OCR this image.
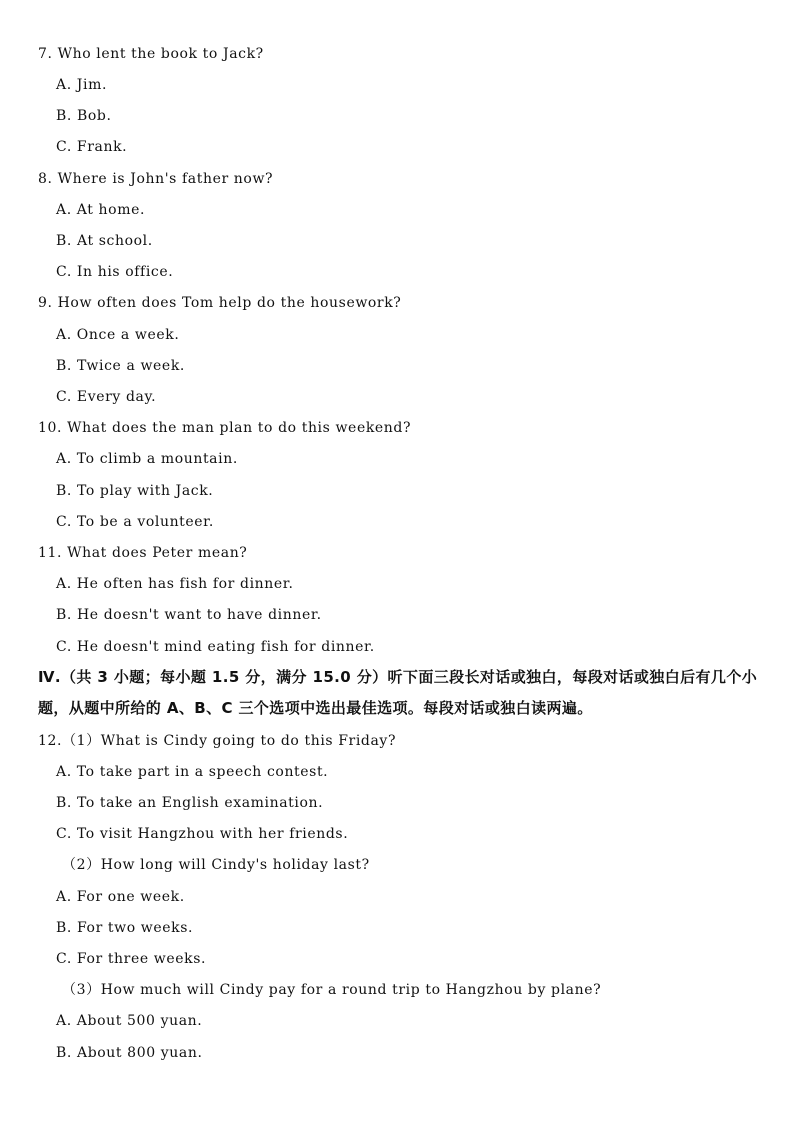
7. Who lent the book to Jack?
A. Jim.
B. Bob.
C. Frank.
8. Where is John's father now?
A. At home.
B. At school.
C. In his office.
9. How often does Tom help do the housework?
A. Once a week.
B. Twice a week.
C. Every day.
10. What does the man plan to do this weekend?
A. To climb a mountain.
B. To play with Jack.
C. To be a volunteer.
11. What does Peter mean?
A. He often has fish for dinner.
B. He doesn't want to have dinner.
C. He doesn't mind eating fish for dinner.
Ⅳ.（共 3 小题；每小题 1.5 分，满分 15.0 分）听下面三段长对话或独白，每段对话或独白后有几个小题，从题中所给的 A、B、C 三个选项中选出最佳选项。每段对话或独白读两遍。
12.（1）What is Cindy going to do this Friday?
A. To take part in a speech contest.
B. To take an English examination.
C. To visit Hangzhou with her friends.
（2）How long will Cindy's holiday last?
A. For one week.
B. For two weeks.
C. For three weeks.
（3）How much will Cindy pay for a round trip to Hangzhou by plane?
A. About 500 yuan.
B. About 800 yuan.
